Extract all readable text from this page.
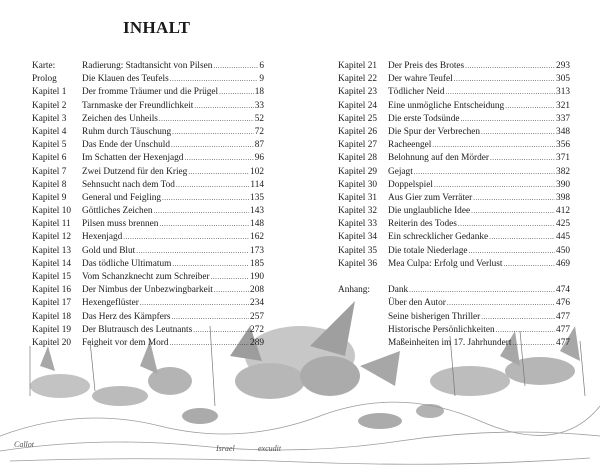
Callot	Israel	excudit
INHALT
Karte:	Radierung: Stadtansicht von Pilsen .....	6
Prolog	Die Klauen des Teufels .....	9
Kapitel 1	Der fromme Träumer und die Prügel .....	18
Kapitel 2	Tarnmaske der Freundlichkeit .....	33
Kapitel 3	Zeichen des Unheils .....	52
Kapitel 4	Ruhm durch Täuschung .....	72
Kapitel 5	Das Ende der Unschuld .....	87
Kapitel 6	Im Schatten der Hexenjagd .....	96
Kapitel 7	Zwei Dutzend für den Krieg .....	102
Kapitel 8	Sehnsucht nach dem Tod .....	114
Kapitel 9	General und Feigling .....	135
Kapitel 10	Göttliches Zeichen .....	143
Kapitel 11	Pilsen muss brennen .....	148
Kapitel 12	Hexenjagd .....	162
Kapitel 13	Gold und Blut .....	173
Kapitel 14	Das tödliche Ultimatum .....	185
Kapitel 15	Vom Schanzknecht zum Schreiber .....	190
Kapitel 16	Der Nimbus der Unbezwingbarkeit .....	208
Kapitel 17	Hexengeflüster .....	234
Kapitel 18	Das Herz des Kämpfers .....	257
Kapitel 19	Der Blutrausch des Leutnants .....	272
Kapitel 20	Feigheit vor dem Mord .....	289
Kapitel 21	Der Preis des Brotes .....	293
Kapitel 22	Der wahre Teufel .....	305
Kapitel 23	Tödlicher Neid .....	313
Kapitel 24	Eine unmögliche Entscheidung .....	321
Kapitel 25	Die erste Todsünde .....	337
Kapitel 26	Die Spur der Verbrechen .....	348
Kapitel 27	Racheengel .....	356
Kapitel 28	Belohnung auf den Mörder .....	371
Kapitel 29	Gejagt .....	382
Kapitel 30	Doppelspiel .....	390
Kapitel 31	Aus Gier zum Verräter .....	398
Kapitel 32	Die unglaubliche Idee .....	412
Kapitel 33	Reiterin des Todes .....	425
Kapitel 34	Ein schrecklicher Gedanke .....	445
Kapitel 35	Die totale Niederlage .....	450
Kapitel 36	Mea Culpa: Erfolg und Verlust .....	469
Anhang:	Dank .....	474
Über den Autor .....	476
Seine bisherigen Thriller .....	477
Historische Persönlichkeiten .....	477
Maßeinheiten im 17. Jahrhundert .....	477
